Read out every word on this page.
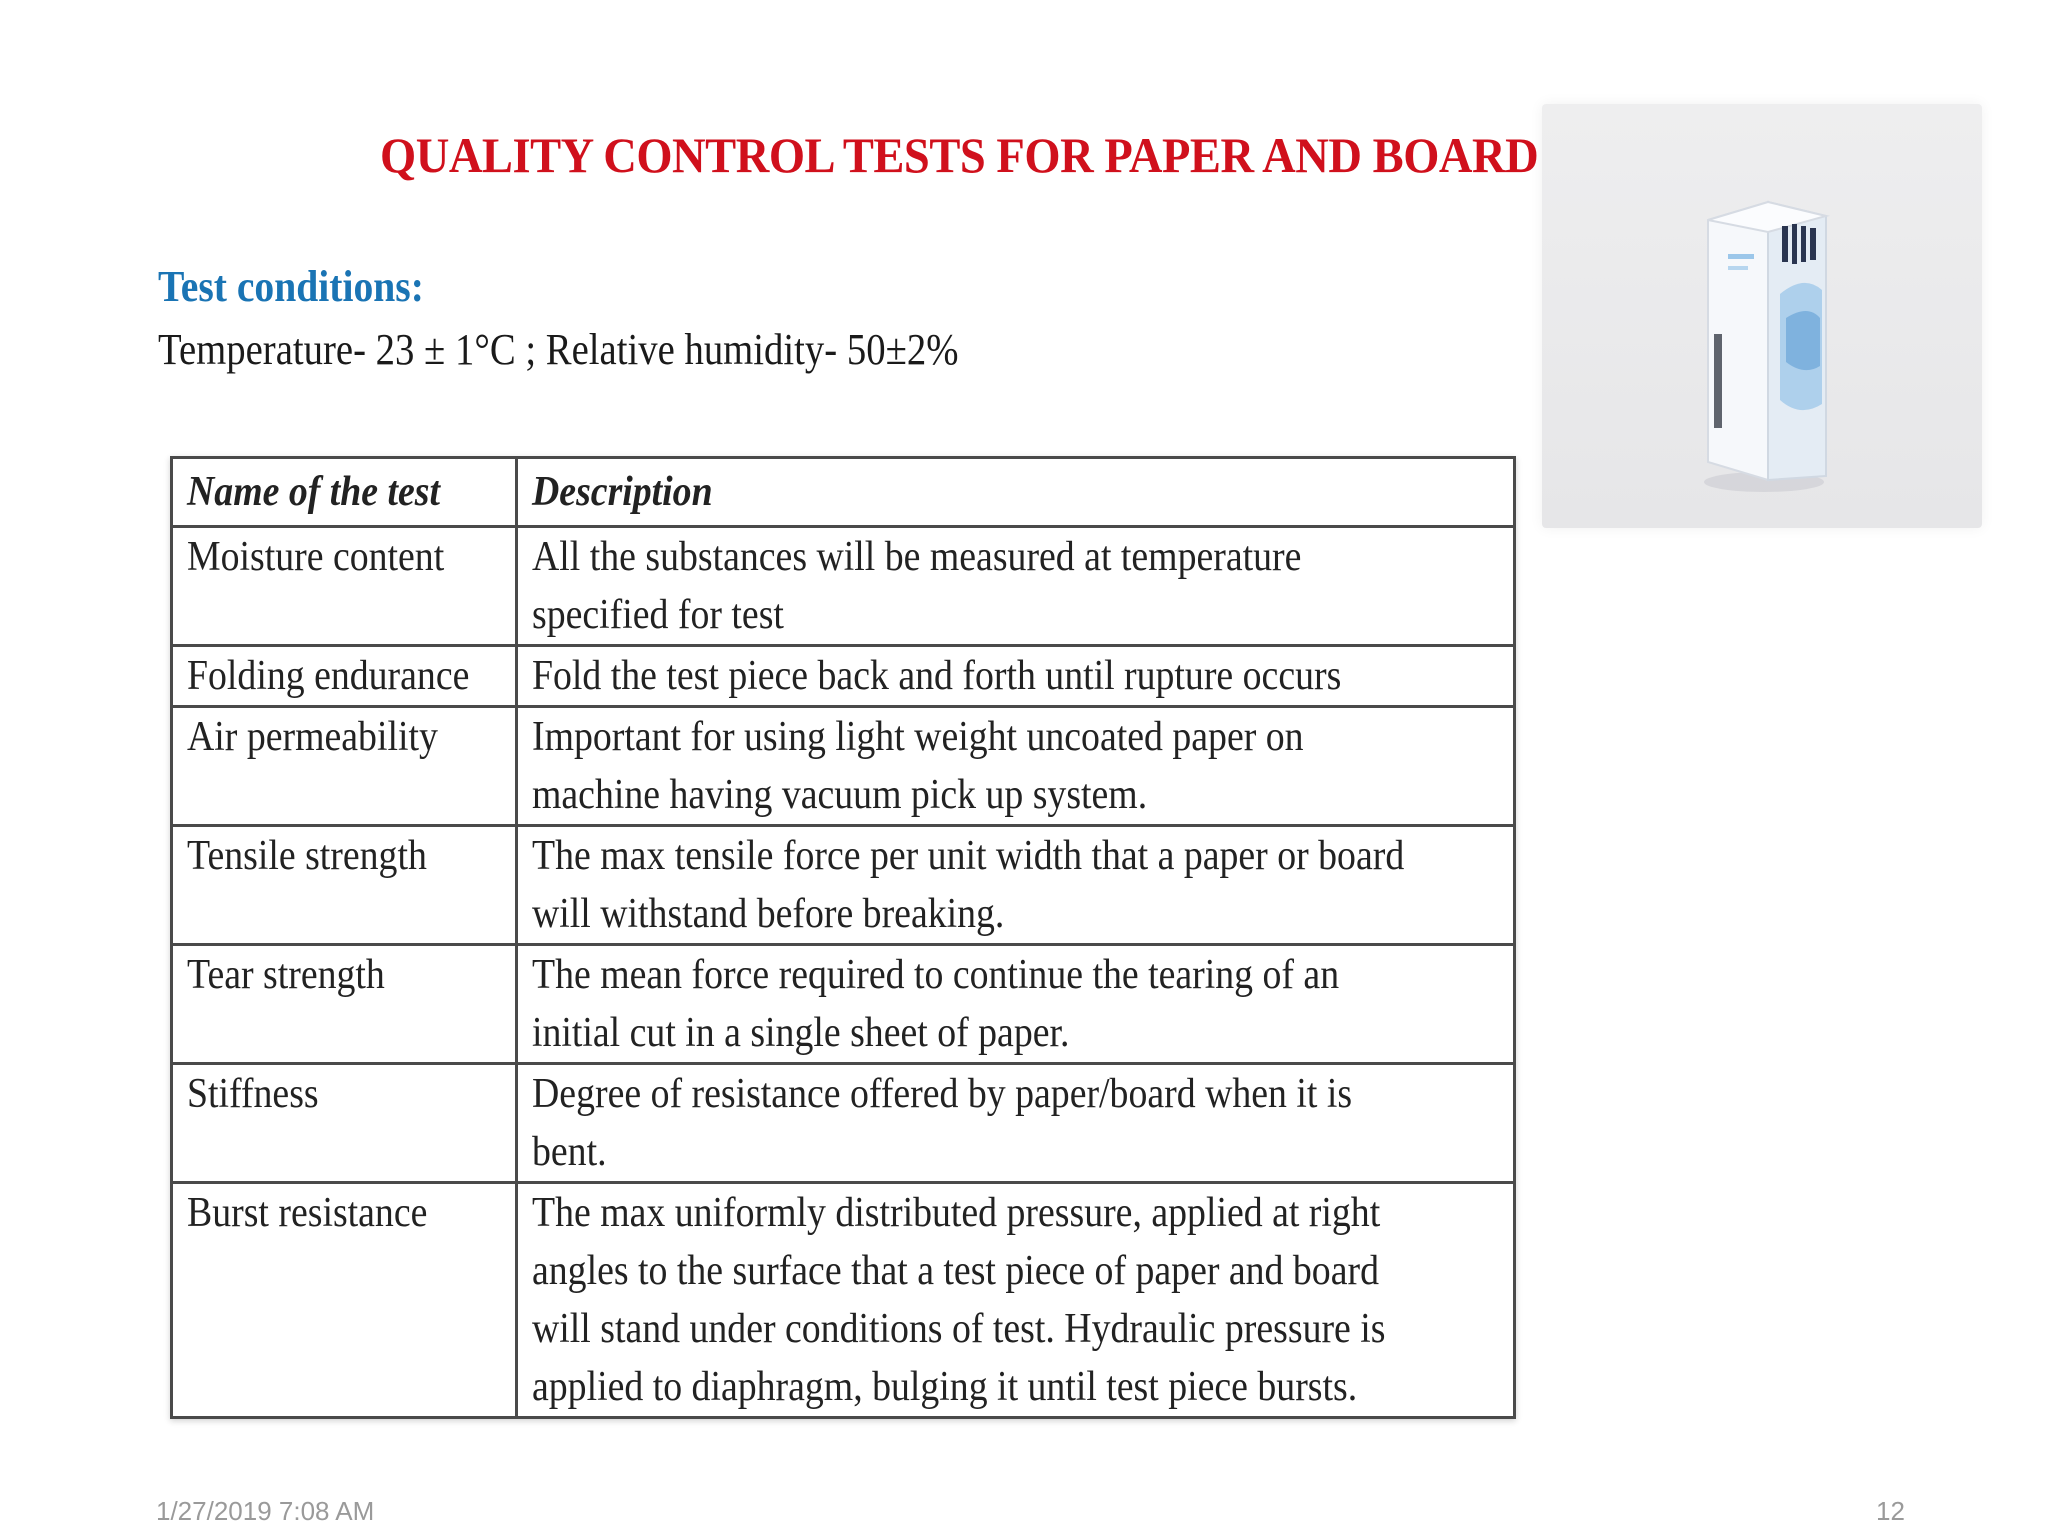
QUALITY CONTROL TESTS FOR PAPER AND BOARD
Test conditions:

Temperature- 23 ± 1°C ; Relative humidity- 50±2%

Name of the test	Description
Moisture content	All the substances will be measured at temperature
specified for test

Folding endurance	Fold the test piece back and forth until rupture occurs

Air permeability	Important for using light weight uncoated paper on
machine having vacuum pick up system.

Tensile strength	The max tensile force per unit width that a paper or board
will withstand before breaking.

Tear strength	The mean force required to continue the tearing of an
initial cut in a single sheet of paper.

Stiffness	Degree of resistance offered by paper/board when it is
bent.

Burst resistance	The max uniformly distributed pressure, applied at right
angles to the surface that a test piece of paper and board
will stand under conditions of test. Hydraulic pressure is
applied to diaphragm, bulging it until test piece bursts.

1/27/2019 7:08 AM	12
